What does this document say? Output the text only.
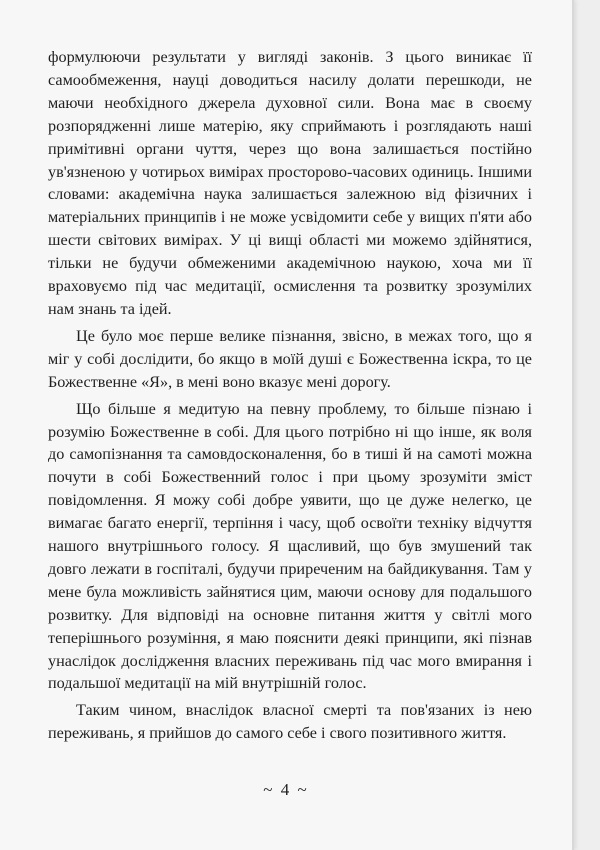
формулюючи результати у вигляді законів. З цього виникає її самообмеження, науці доводиться насилу долати перешкоди, не маючи необхідного джерела духовної сили. Вона має в своєму розпорядженні лише матерію, яку сприймають і розглядають наші примітивні органи чуття, через що вона залишається постійно ув'язненою у чотирьох вимірах просторово-часових одиниць. Іншими словами: академічна наука залишається залежною від фізичних і матеріальних принципів і не може усвідомити себе у вищих п'яти або шести світових вимірах. У ці вищі області ми можемо здійнятися, тільки не будучи обмеженими академічною наукою, хоча ми її враховуємо під час медитації, осмислення та розвитку зрозумілих нам знань та ідей.

Це було моє перше велике пізнання, звісно, в межах того, що я міг у собі дослідити, бо якщо в моїй душі є Божественна іскра, то це Божественне «Я», в мені воно вказує мені дорогу.

Що більше я медитую на певну проблему, то більше пізнаю і розумію Божественне в собі. Для цього потрібно ні що інше, як воля до самопізнання та самовдосконалення, бо в тиші й на самоті можна почути в собі Божественний голос і при цьому зрозуміти зміст повідомлення. Я можу собі добре уявити, що це дуже нелегко, це вимагає багато енергії, терпіння і часу, щоб освоїти техніку відчуття нашого внутрішнього голосу. Я щасливий, що був змушений так довго лежати в госпіталі, будучи приреченим на байдикування. Там у мене була можливість зайнятися цим, маючи основу для подальшого розвитку. Для відповіді на основне питання життя у світлі мого теперішнього розуміння, я маю пояснити деякі принципи, які пізнав унаслідок дослідження власних переживань під час мого вмирання і подальшої медитації на мій внутрішній голос.

Таким чином, внаслідок власної смерті та пов'язаних із нею переживань, я прийшов до самого себе і свого позитивного життя.

~ 4 ~
